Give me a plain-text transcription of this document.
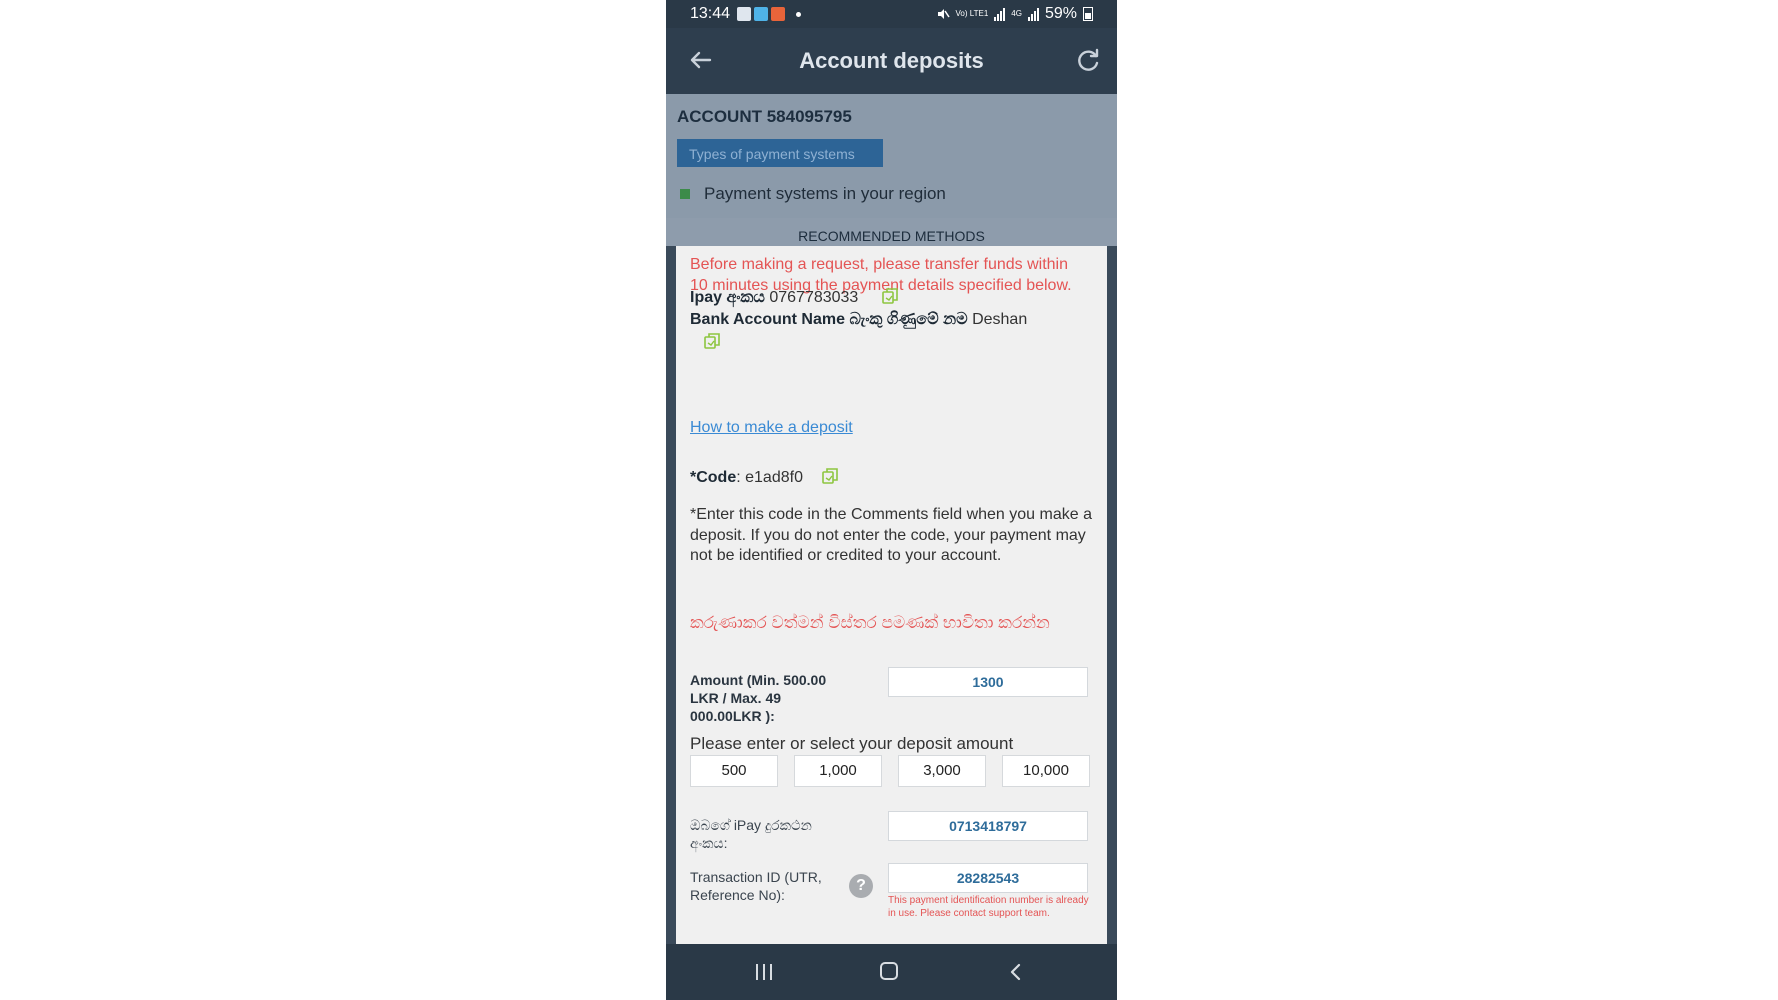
13:44	Vo) LTE1	4G 59%
Account deposits
ACCOUNT 584095795
Types of payment systems
Payment systems in your region
RECOMMENDED METHODS
Before making a request, please transfer funds within 10 minutes using the payment details specified below.
Ipay අංකය 0767783033
Bank Account Name බැංකු ගිණුමේ නම Deshan
How to make a deposit
*Code: e1ad8f0
*Enter this code in the Comments field when you make a deposit. If you do not enter the code, your payment may not be identified or credited to your account.
කරුණාකර වත්මන් විස්තර පමණක් භාවිතා කරන්න
Amount (Min. 500.00 LKR / Max. 49 000.00LKR ):
1300
Please enter or select your deposit amount
500	1,000	3,000	10,000
ඔබගේ iPay දුරකථන අංකය:
0713418797
Transaction ID (UTR, Reference No):
?	28282543
This payment identification number is already in use. Please contact support team.
